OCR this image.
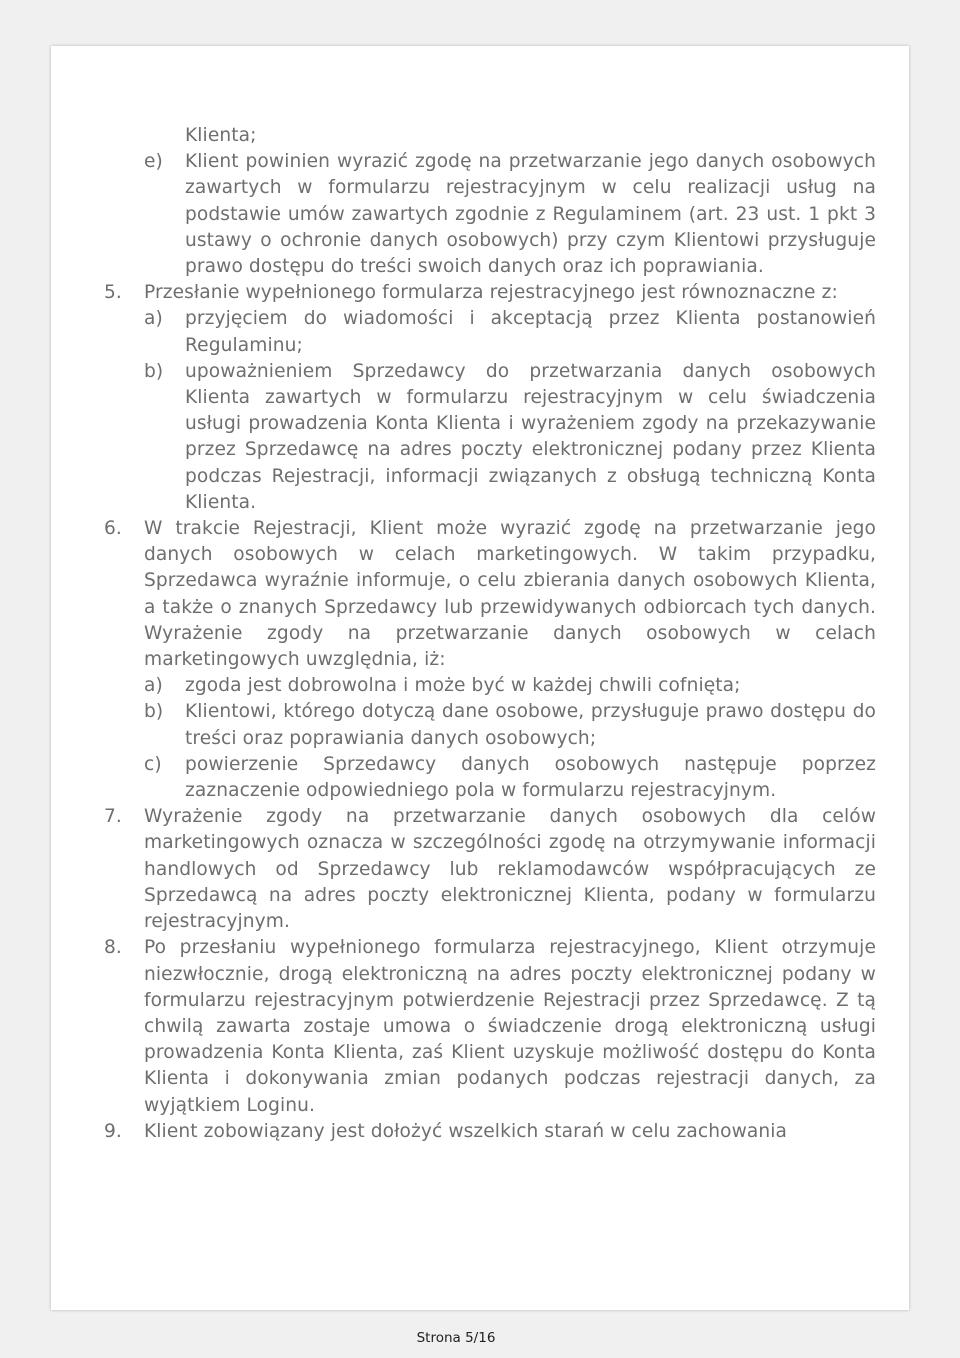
Klienta;
e)	Klient powinien wyrazić zgodę na przetwarzanie jego danych osobowych zawartych w formularzu rejestracyjnym w celu realizacji usług na podstawie umów zawartych zgodnie z Regulaminem (art. 23 ust. 1 pkt 3 ustawy o ochronie danych osobowych) przy czym Klientowi przysługuje prawo dostępu do treści swoich danych oraz ich poprawiania.
5.	Przesłanie wypełnionego formularza rejestracyjnego jest równoznaczne z:
a)	przyjęciem do wiadomości i akceptacją przez Klienta postanowień Regulaminu;
b)	upoważnieniem Sprzedawcy do przetwarzania danych osobowych Klienta zawartych w formularzu rejestracyjnym w celu świadczenia usługi prowadzenia Konta Klienta i wyrażeniem zgody na przekazywanie przez Sprzedawcę na adres poczty elektronicznej podany przez Klienta podczas Rejestracji, informacji związanych z obsługą techniczną Konta Klienta.
6.	W trakcie Rejestracji, Klient może wyrazić zgodę na przetwarzanie jego danych osobowych w celach marketingowych. W takim przypadku, Sprzedawca wyraźnie informuje, o celu zbierania danych osobowych Klienta, a także o znanych Sprzedawcy lub przewidywanych odbiorcach tych danych. Wyrażenie zgody na przetwarzanie danych osobowych w celach marketingowych uwzględnia, iż:
a)	zgoda jest dobrowolna i może być w każdej chwili cofnięta;
b)	Klientowi, którego dotyczą dane osobowe, przysługuje prawo dostępu do treści oraz poprawiania danych osobowych;
c)	powierzenie Sprzedawcy danych osobowych następuje poprzez zaznaczenie odpowiedniego pola w formularzu rejestracyjnym.
7.	Wyrażenie zgody na przetwarzanie danych osobowych dla celów marketingowych oznacza w szczególności zgodę na otrzymywanie informacji handlowych od Sprzedawcy lub reklamodawców współpracujących ze Sprzedawcą na adres poczty elektronicznej Klienta, podany w formularzu rejestracyjnym.
8.	Po przesłaniu wypełnionego formularza rejestracyjnego, Klient otrzymuje niezwłocznie, drogą elektroniczną na adres poczty elektronicznej podany w formularzu rejestracyjnym potwierdzenie Rejestracji przez Sprzedawcę. Z tą chwilą zawarta zostaje umowa o świadczenie drogą elektroniczną usługi prowadzenia Konta Klienta, zaś Klient uzyskuje możliwość dostępu do Konta Klienta i dokonywania zmian podanych podczas rejestracji danych, za wyjątkiem Loginu.
9.	Klient zobowiązany jest dołożyć wszelkich starań w celu zachowania
Strona 5/16
